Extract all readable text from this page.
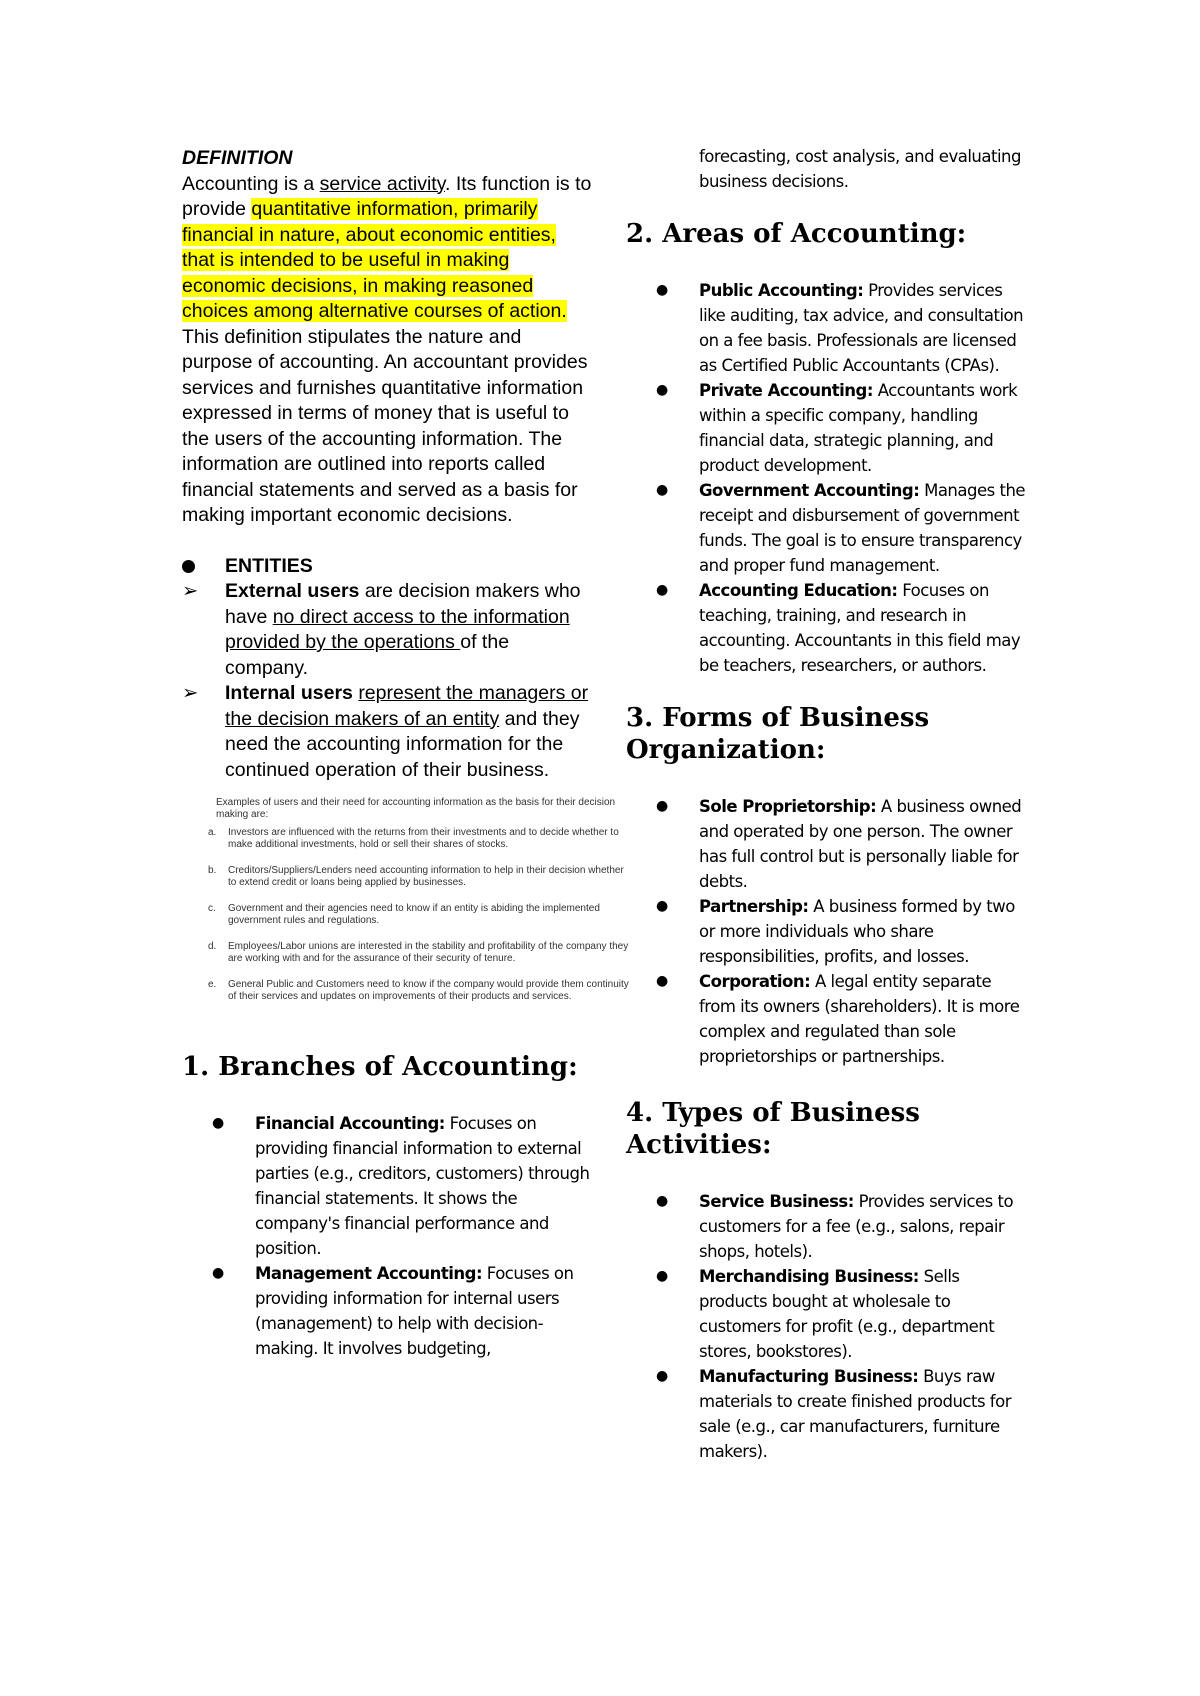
DEFINITION
Accounting is a service activity. Its function is to provide quantitative information, primarily financial in nature, about economic entities, that is intended to be useful in making economic decisions, in making reasoned choices among alternative courses of action. This definition stipulates the nature and purpose of accounting. An accountant provides services and furnishes quantitative information expressed in terms of money that is useful to the users of the accounting information. The information are outlined into reports called financial statements and served as a basis for making important economic decisions.
ENTITIES
➢ External users are decision makers who have no direct access to the information provided by the operations of the company.
➢ Internal users represent the managers or the decision makers of an entity and they need the accounting information for the continued operation of their business.
Examples of users and their need for accounting information as the basis for their decision making are:
a. Investors are influenced with the returns from their investments and to decide whether to make additional investments, hold or sell their shares of stocks.
b. Creditors/Suppliers/Lenders need accounting information to help in their decision whether to extend credit or loans being applied by businesses.
c. Government and their agencies need to know if an entity is abiding the implemented government rules and regulations.
d. Employees/Labor unions are interested in the stability and profitability of the company they are working with and for the assurance of their security of tenure.
e. General Public and Customers need to know if the company would provide them continuity of their services and updates on improvements of their products and services.
1. Branches of Accounting:
● Financial Accounting: Focuses on providing financial information to external parties (e.g., creditors, customers) through financial statements. It shows the company's financial performance and position.
● Management Accounting: Focuses on providing information for internal users (management) to help with decision-making. It involves budgeting,
forecasting, cost analysis, and evaluating business decisions.
2. Areas of Accounting:
● Public Accounting: Provides services like auditing, tax advice, and consultation on a fee basis. Professionals are licensed as Certified Public Accountants (CPAs).
● Private Accounting: Accountants work within a specific company, handling financial data, strategic planning, and product development.
● Government Accounting: Manages the receipt and disbursement of government funds. The goal is to ensure transparency and proper fund management.
● Accounting Education: Focuses on teaching, training, and research in accounting. Accountants in this field may be teachers, researchers, or authors.
3. Forms of Business Organization:
● Sole Proprietorship: A business owned and operated by one person. The owner has full control but is personally liable for debts.
● Partnership: A business formed by two or more individuals who share responsibilities, profits, and losses.
● Corporation: A legal entity separate from its owners (shareholders). It is more complex and regulated than sole proprietorships or partnerships.
4. Types of Business Activities:
● Service Business: Provides services to customers for a fee (e.g., salons, repair shops, hotels).
● Merchandising Business: Sells products bought at wholesale to customers for profit (e.g., department stores, bookstores).
● Manufacturing Business: Buys raw materials to create finished products for sale (e.g., car manufacturers, furniture makers).
